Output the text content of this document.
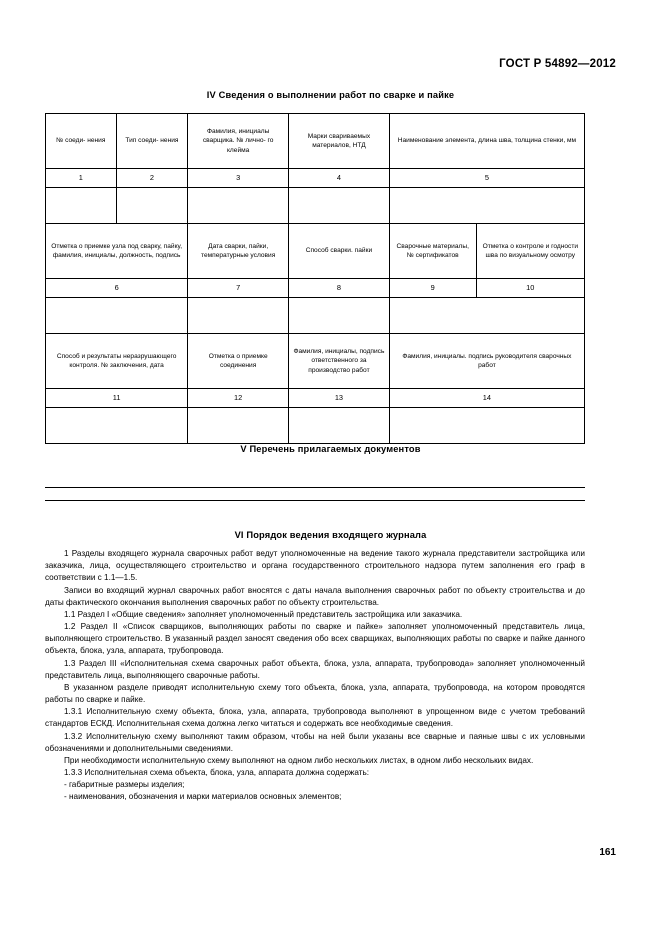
ГОСТ Р 54892—2012
IV Сведения о выполнении работ по сварке и пайке
№ соеди- нения	Тип соеди- нения	Фамилия, инициалы сварщика. № лично- го клейма	Марки свариваемых материалов, НТД	Наименование элемента, длина шва, толщина стенки, мм	
1	2	3	4	5	

Отметка о приемке узла под сварку, пайку, фамилия, инициалы, должность, подпись		Дата сварки, пайки, температурные условия	Способ сварки. пайки	Сварочные материалы, № сертификатов	Отметка о контроле и годности шва по визуальному осмотру
6		7	8	9	10

Способ и результаты неразрушающего контроля. № заключения, дата		Отметка о приемке соединения	Фамилия, инициалы, подпись ответственного за производство работ	Фамилия, инициалы. подпись руководителя сварочных работ	
11		12	13	14	

V Перечень прилагаемых документов
VI Порядок ведения входящего журнала

1 Разделы входящего журнала сварочных работ ведут уполномоченные на ведение такого журнала представители застройщика или заказчика, лица, осуществляющего строительство и органа государственного строительного надзора путем заполнения его граф в соответствии с 1.1—1.5.

Записи во входящий журнал сварочных работ вносятся с даты начала выполнения сварочных работ по объекту строительства и до даты фактического окончания выполнения сварочных работ по объекту строительства.

1.1 Раздел I «Общие сведения» заполняет уполномоченный представитель застройщика или заказчика.

1.2 Раздел II «Список сварщиков, выполняющих работы по сварке и пайке» заполняет уполномоченный представитель лица, выполняющего строительство. В указанный раздел заносят сведения обо всех сварщиках, выполняющих работы по сварке и пайке данного объекта, блока, узла, аппарата, трубопровода.

1.3 Раздел III «Исполнительная схема сварочных работ объекта, блока, узла, аппарата, трубопровода» заполняет уполномоченный представитель лица, выполняющего сварочные работы.

В указанном разделе приводят исполнительную схему того объекта, блока, узла, аппарата, трубопровода, на котором проводятся работы по сварке и пайке.

1.3.1 Исполнительную схему объекта, блока, узла, аппарата, трубопровода выполняют в упрощенном виде с учетом требований стандартов ЕСКД. Исполнительная схема должна легко читаться и содержать все необходимые сведения.

1.3.2 Исполнительную схему выполняют таким образом, чтобы на ней были указаны все сварные и паяные швы с их условными обозначениями и дополнительными сведениями.

При необходимости исполнительную схему выполняют на одном либо нескольких листах, в одном либо нескольких видах.

1.3.3 Исполнительная схема объекта, блока, узла, аппарата должна содержать:

- габаритные размеры изделия;

- наименования, обозначения и марки материалов основных элементов;

161
